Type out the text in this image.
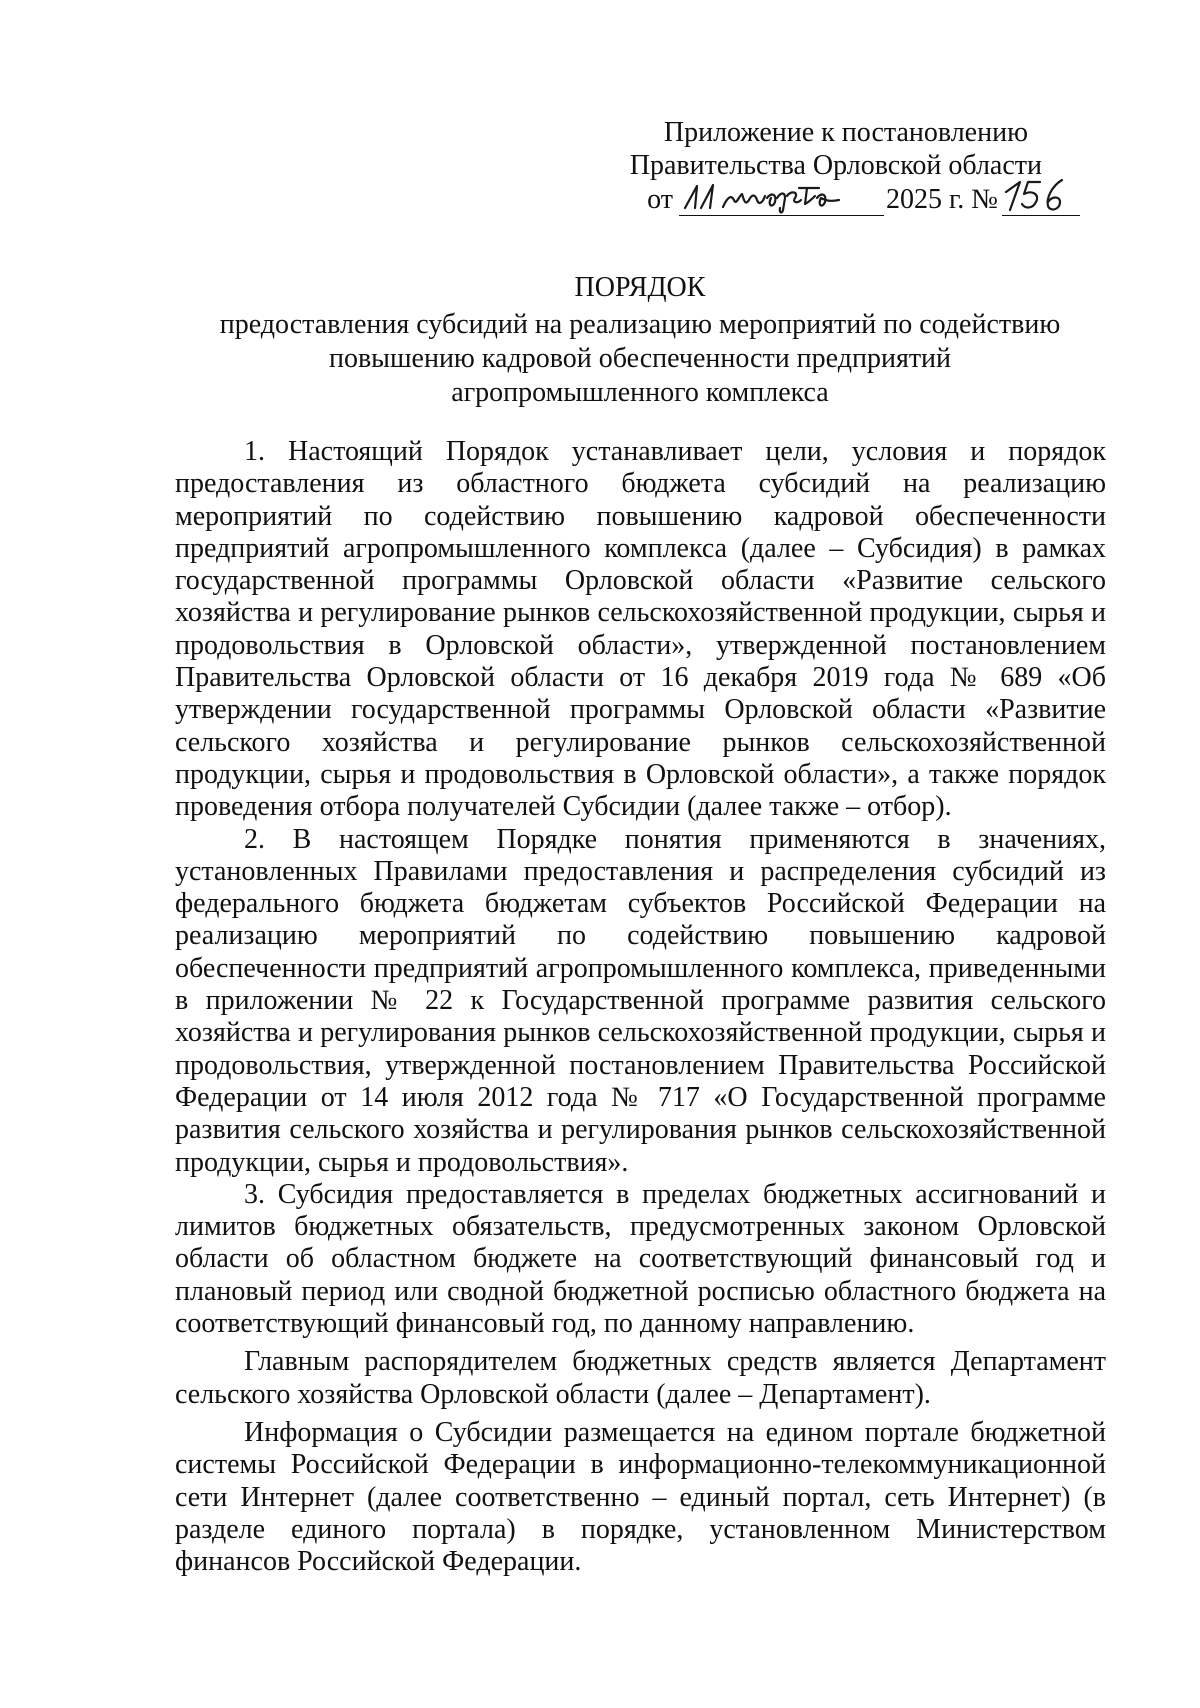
Приложение к постановлению
Правительства Орловской области
от	2025 г. №
ПОРЯДОК
предоставления субсидий на реализацию мероприятий по содействию
повышению кадровой обеспеченности предприятий
агропромышленного комплекса

1. Настоящий Порядок устанавливает цели, условия и порядок предоставления из областного бюджета субсидий на реализацию мероприятий по содействию повышению кадровой обеспеченности предприятий агропромышленного комплекса (далее – Субсидия) в рамках государственной программы Орловской области «Развитие сельского хозяйства и регулирование рынков сельскохозяйственной продукции, сырья и продовольствия в Орловской области», утвержденной постановлением Правительства Орловской области от 16 декабря 2019 года № 689 «Об утверждении государственной программы Орловской области «Развитие сельского хозяйства и регулирование рынков сельскохозяйственной продукции, сырья и продовольствия в Орловской области», а также порядок проведения отбора получателей Субсидии (далее также – отбор).

2. В настоящем Порядке понятия применяются в значениях, установленных Правилами предоставления и распределения субсидий из федерального бюджета бюджетам субъектов Российской Федерации на реализацию мероприятий по содействию повышению кадровой обеспеченности предприятий агропромышленного комплекса, приведенными в приложении № 22 к Государственной программе развития сельского хозяйства и регулирования рынков сельскохозяйственной продукции, сырья и продовольствия, утвержденной постановлением Правительства Российской Федерации от 14 июля 2012 года № 717 «О Государственной программе развития сельского хозяйства и регулирования рынков сельскохозяйственной продукции, сырья и продовольствия».

3. Субсидия предоставляется в пределах бюджетных ассигнований и лимитов бюджетных обязательств, предусмотренных законом Орловской области об областном бюджете на соответствующий финансовый год и плановый период или сводной бюджетной росписью областного бюджета на соответствующий финансовый год, по данному направлению.

Главным распорядителем бюджетных средств является Департамент сельского хозяйства Орловской области (далее – Департамент).

Информация о Субсидии размещается на едином портале бюджетной системы Российской Федерации в информационно-телекоммуникационной сети Интернет (далее соответственно – единый портал, сеть Интернет) (в разделе единого портала) в порядке, установленном Министерством финансов Российской Федерации.
